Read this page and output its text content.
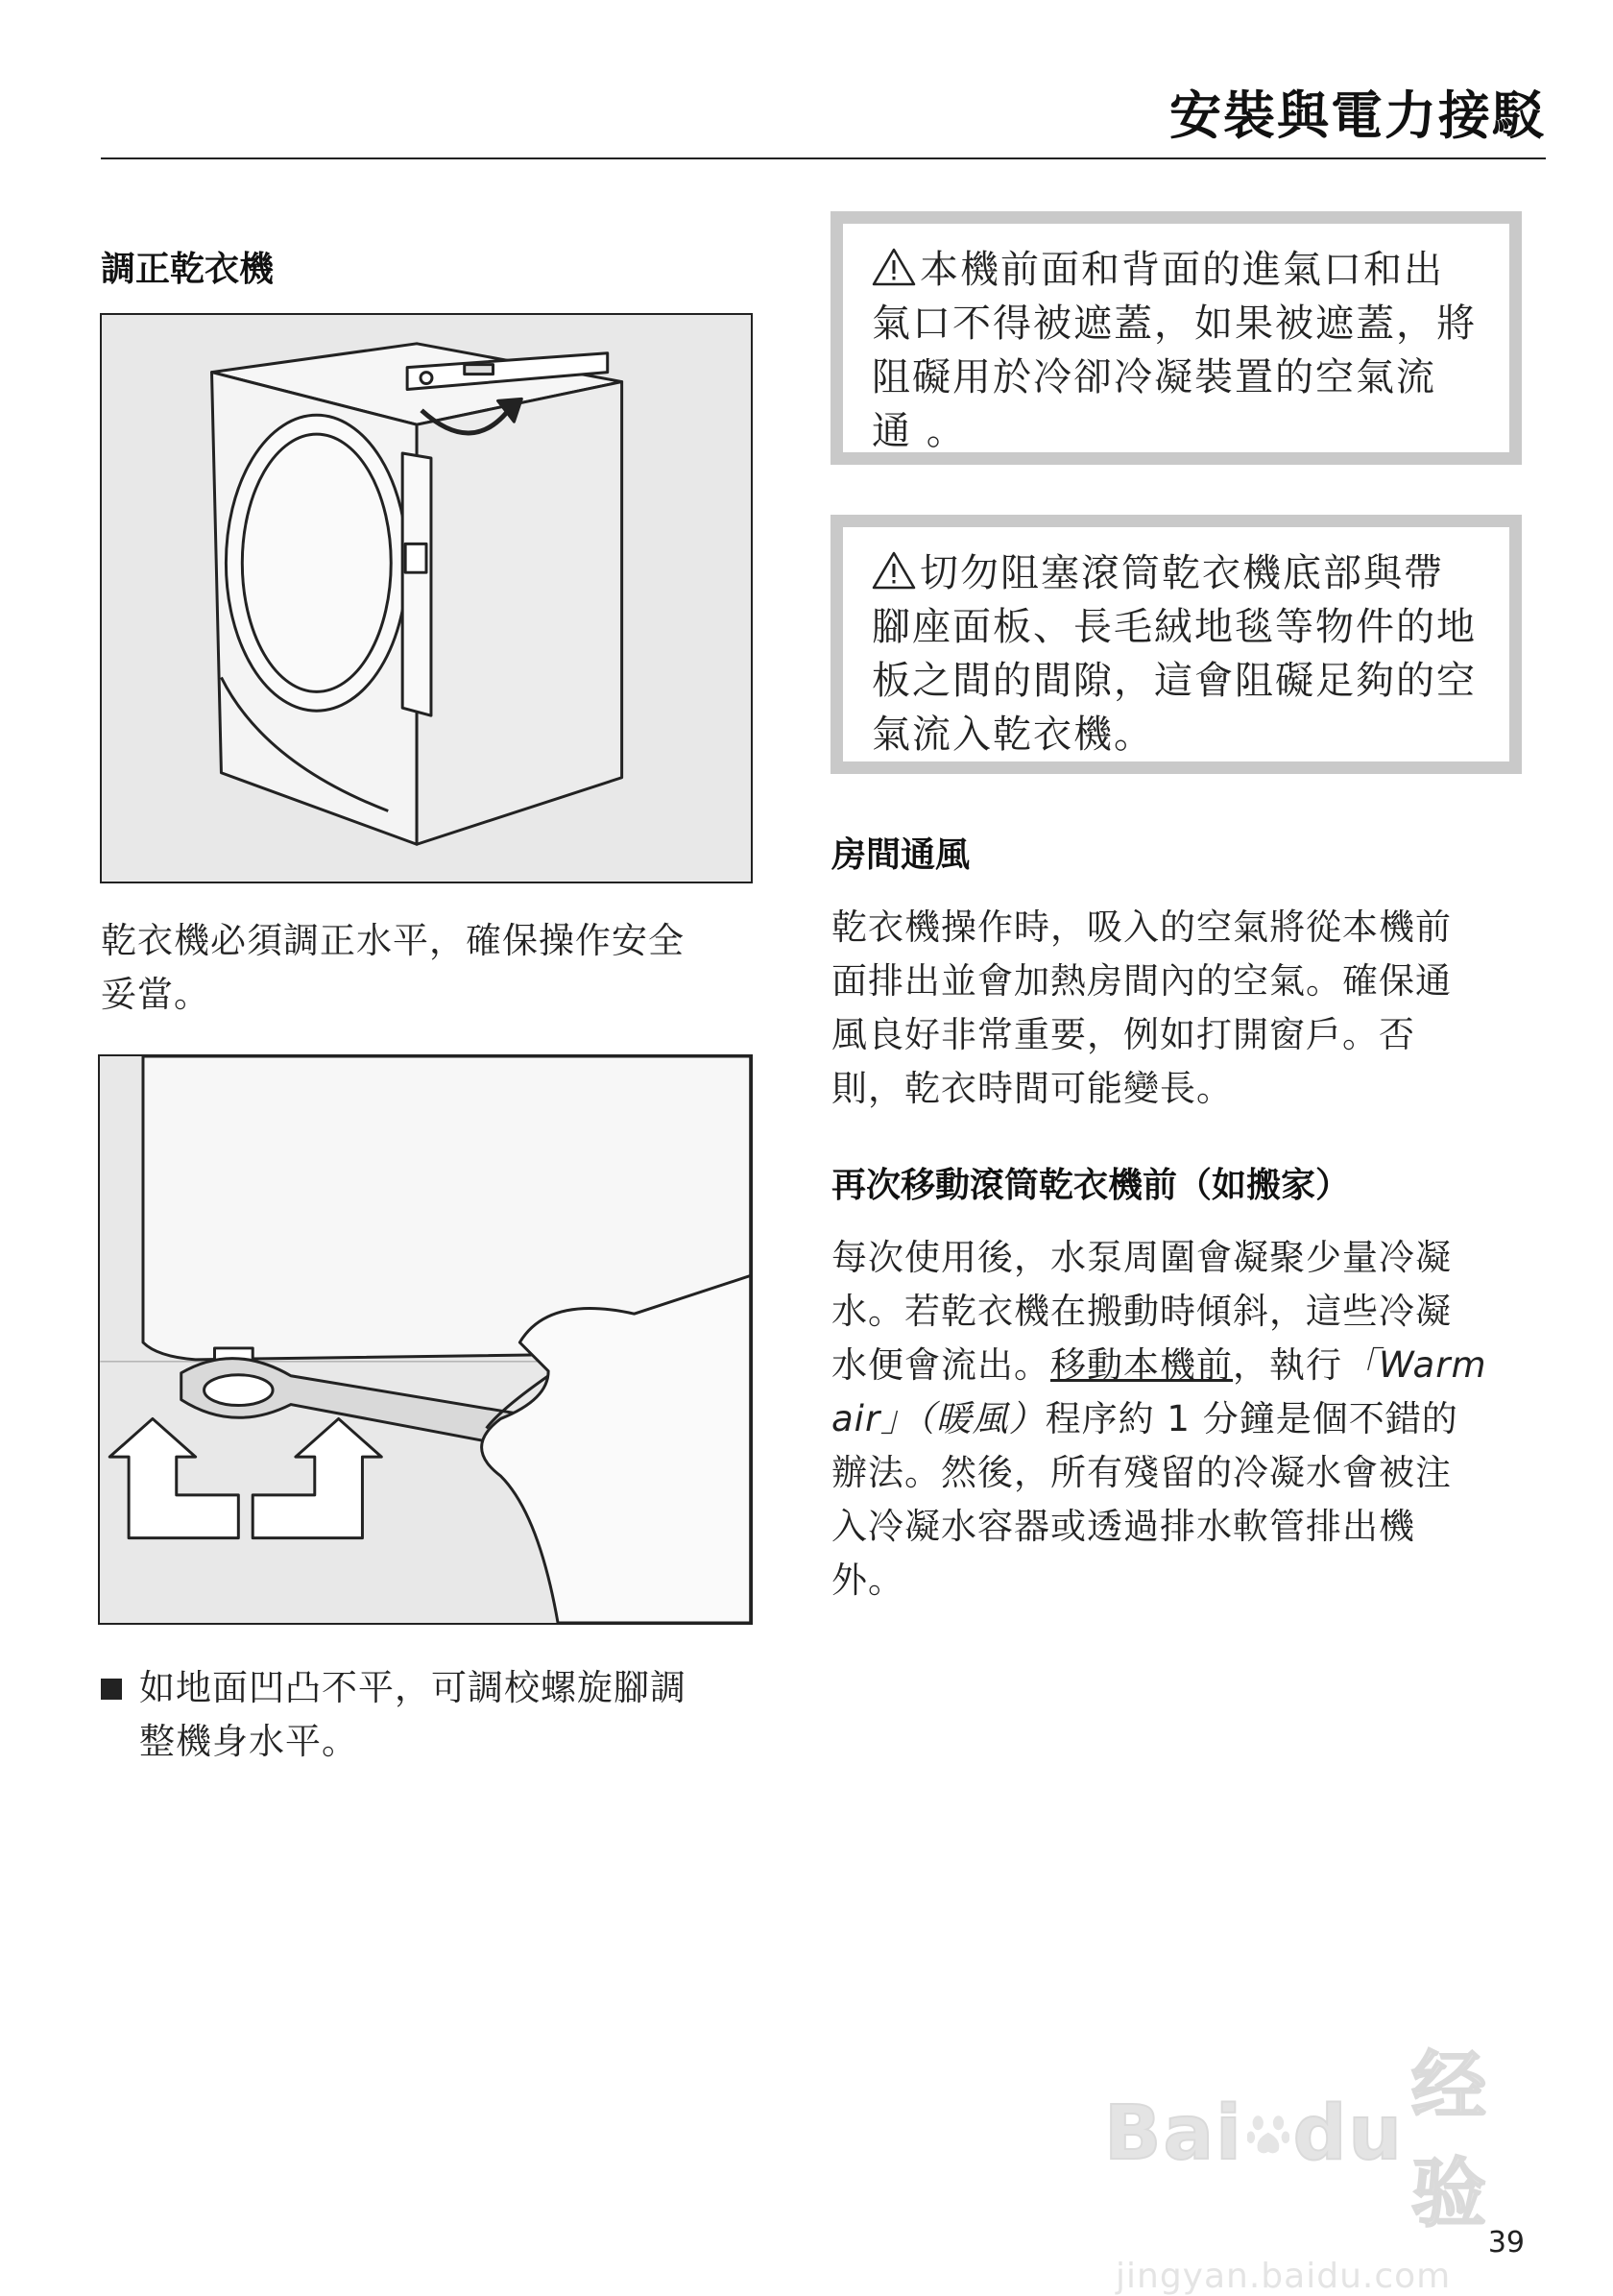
安裝與電力接駁
調正乾衣機
乾衣機必須調正水平，確保操作安全
妥當。
如地面凹凸不平，可調校螺旋腳調
整機身水平。
本機前面和背面的進氣口和出
氣口不得被遮蓋，如果被遮蓋，將
阻礙用於冷卻冷凝裝置的空氣流
通 。
切勿阻塞滾筒乾衣機底部與帶
腳座面板、長毛絨地毯等物件的地
板之間的間隙，這會阻礙足夠的空
氣流入乾衣機。
房間通風
乾衣機操作時，吸入的空氣將從本機前
面排出並會加熱房間內的空氣。確保通
風良好非常重要，例如打開窗戶。否
則，乾衣時間可能變長。
再次移動滾筒乾衣機前（如搬家）
每次使用後，水泵周圍會凝聚少量冷凝
水。若乾衣機在搬動時傾斜，這些冷凝
水便會流出。移動本機前，執行「Warm
air」（暖風）程序約 1 分鐘是個不錯的
辦法。然後，所有殘留的冷凝水會被注
入冷凝水容器或透過排水軟管排出機
外。
Bai du
经验
jingyan.baidu.com
39
